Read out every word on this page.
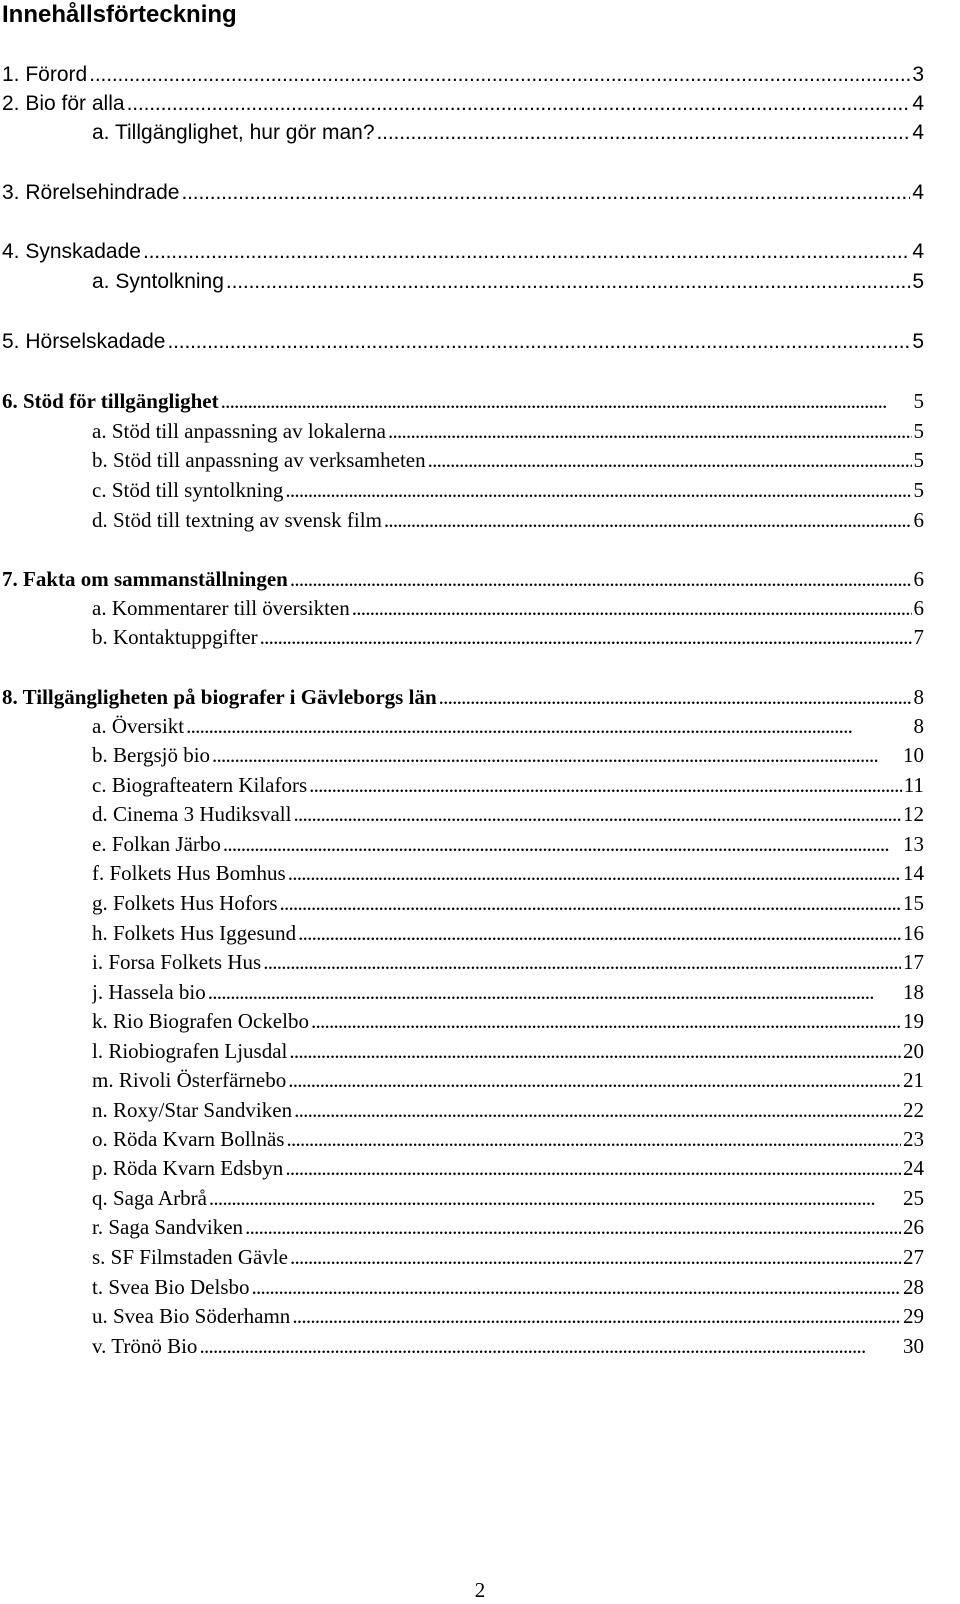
Innehållsförteckning
1. Förord . . .	3
2. Bio för alla . . .	4
a. Tillgänglighet, hur gör man? . . .	4
3. Rörelsehindrade . . .	4
4. Synskadade . . .	4
a. Syntolkning . . .	5
5. Hörselskadade . . .	5
6. Stöd för tillgänglighet . . .	5
a. Stöd till anpassning av lokalerna . . .	5
b. Stöd till anpassning av verksamheten . . .	5
c. Stöd till syntolkning . . .	5
d. Stöd till textning av svensk film . . .	6
7. Fakta om sammanställningen . . .	6
a. Kommentarer till översikten . . .	6
b. Kontaktuppgifter . . .	7
8. Tillgängligheten på biografer i Gävleborgs län . . .	8
a. Översikt . . .	8
b. Bergsjö bio . . .	10
c. Biografteatern Kilafors . . .	11
d. Cinema 3 Hudiksvall . . .	12
e. Folkan Järbo . . .	13
f. Folkets Hus Bomhus . . .	14
g. Folkets Hus Hofors . . .	15
h. Folkets Hus Iggesund . . .	16
i. Forsa Folkets Hus . . .	17
j. Hassela bio . . .	18
k. Rio Biografen Ockelbo . . .	19
l. Riobiografen Ljusdal . . .	20
m. Rivoli Österfärnebo . . .	21
n. Roxy/Star Sandviken . . .	22
o. Röda Kvarn Bollnäs . . .	23
p. Röda Kvarn Edsbyn . . .	24
q. Saga Arbrå . . .	25
r. Saga Sandviken . . .	26
s. SF Filmstaden Gävle . . .	27
t. Svea Bio Delsbo . . .	28
u. Svea Bio Söderhamn . . .	29
v. Trönö Bio . . .	30
2
